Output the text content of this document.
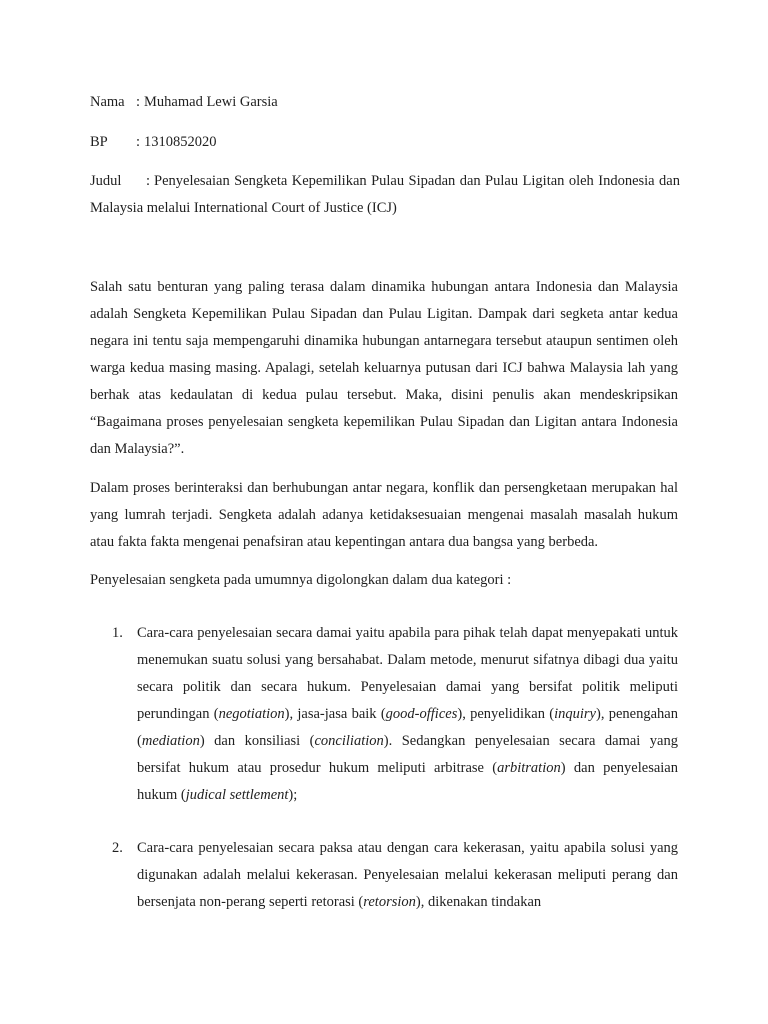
Nama : Muhamad Lewi Garsia
BP : 1310852020
Judul : Penyelesaian Sengketa Kepemilikan Pulau Sipadan dan Pulau Ligitan oleh Indonesia dan Malaysia melalui International Court of Justice (ICJ)

Salah satu benturan yang paling terasa dalam dinamika hubungan antara Indonesia dan Malaysia adalah Sengketa Kepemilikan Pulau Sipadan dan Pulau Ligitan. Dampak dari segketa antar kedua negara ini tentu saja mempengaruhi dinamika hubungan antarnegara tersebut ataupun sentimen oleh warga kedua masing masing. Apalagi, setelah keluarnya putusan dari ICJ bahwa Malaysia lah yang berhak atas kedaulatan di kedua pulau tersebut. Maka, disini penulis akan mendeskripsikan “Bagaimana proses penyelesaian sengketa kepemilikan Pulau Sipadan dan Ligitan antara Indonesia dan Malaysia?”.

Dalam proses berinteraksi dan berhubungan antar negara, konflik dan persengketaan merupakan hal yang lumrah terjadi. Sengketa adalah adanya ketidaksesuaian mengenai masalah masalah hukum atau fakta fakta mengenai penafsiran atau kepentingan antara dua bangsa yang berbeda.

Penyelesaian sengketa pada umumnya digolongkan dalam dua kategori :

1. Cara-cara penyelesaian secara damai yaitu apabila para pihak telah dapat menyepakati untuk menemukan suatu solusi yang bersahabat. Dalam metode, menurut sifatnya dibagi dua yaitu secara politik dan secara hukum. Penyelesaian damai yang bersifat politik meliputi perundingan (negotiation), jasa-jasa baik (good-offices), penyelidikan (inquiry), penengahan (mediation) dan konsiliasi (conciliation). Sedangkan penyelesaian secara damai yang bersifat hukum atau prosedur hukum meliputi arbitrase (arbitration) dan penyelesaian hukum (judical settlement);
2. Cara-cara penyelesaian secara paksa atau dengan cara kekerasan, yaitu apabila solusi yang digunakan adalah melalui kekerasan. Penyelesaian melalui kekerasan meliputi perang dan bersenjata non-perang seperti retorasi (retorsion), dikenakan tindakan
